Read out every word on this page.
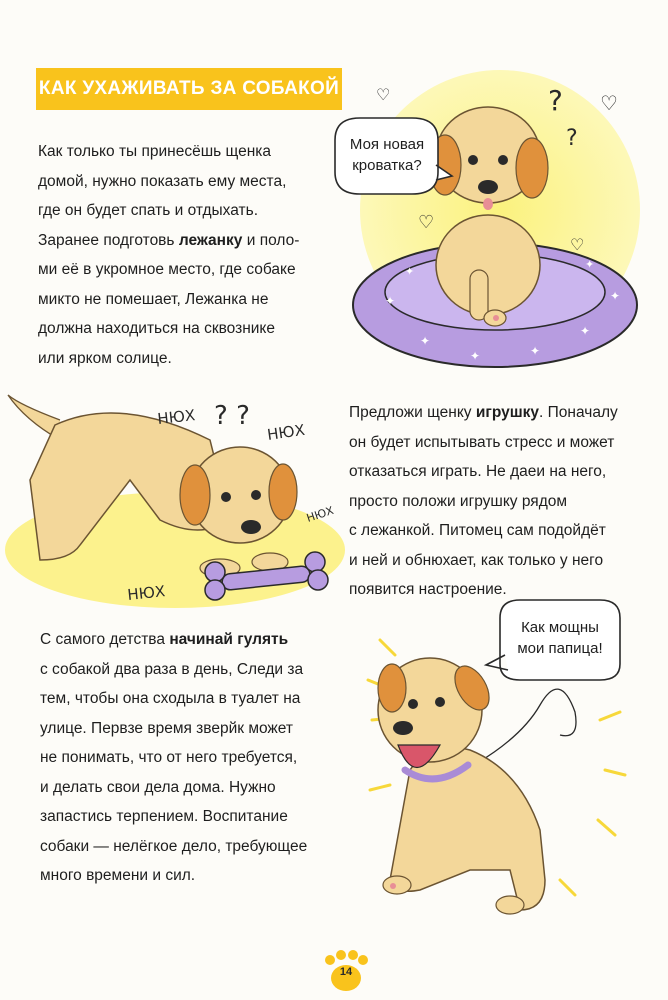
КАК УХАЖИВАТЬ ЗА СОБАКОЙ
Как только ты принесёшь щенка
домой, нужно показать ему места,
где он будет спать и отдыхать.
Заранее подготовь лежанку и поло-
ми её в укромное место, где собаке
микто не помешает, Лежанка не
должна находиться на сквознике
или ярком солице.
Предложи щенку игрушку. Поначалу
он будет испытывать стресс и может
отказаться играть. Не даеи на него,
просто положи игрушку рядом
с лежанкой. Питомец сам подойдёт
и ней и обнюхает, как только у него
появится настроение.
С самого детства начинай гулять
с собакой два раза в день, Следи за
тем, чтобы она сходыла в туалет на
улице. Первзе время зверйк может
не понимать, что от него требуется,
и делать свои дела дома. Нужно
запастись терпением. Воспитание
собаки — нелёгкое дело, требующее
много времени и сил.
✦
✦
✦	✦
✦
✦
✦
✦
?
?
♡
♡
♡
♡
Моя новая
кроватка?
НЮХ ? ?
НЮХ
НЮХ
НЮХ
Как мощны
мои папица!
14
